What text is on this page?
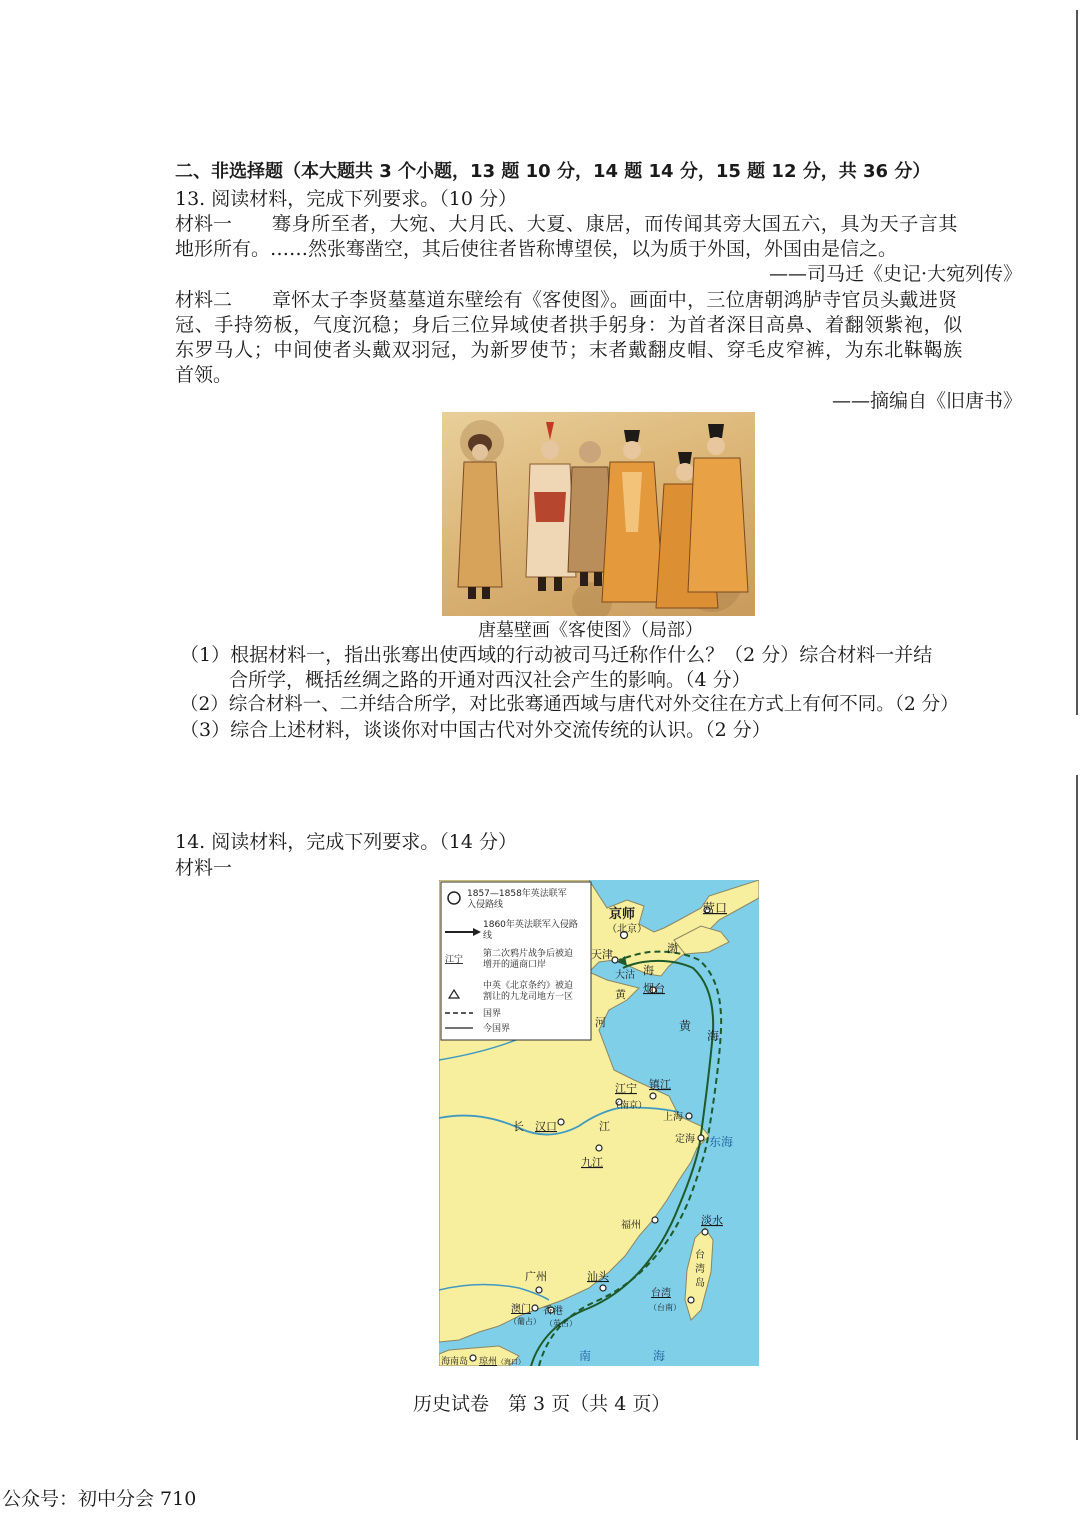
二、非选择题（本大题共 3 个小题，13 题 10 分，14 题 14 分，15 题 12 分，共 36 分）
13. 阅读材料，完成下列要求。（10 分）
材料一 骞身所至者，大宛、大月氏、大夏、康居，而传闻其旁大国五六，具为天子言其
地形所有。……然张骞凿空，其后使往者皆称博望侯，以为质于外国，外国由是信之。
——司马迁《史记·大宛列传》
材料二 章怀太子李贤墓墓道东壁绘有《客使图》。画面中，三位唐朝鸿胪寺官员头戴进贤
冠、手持笏板，气度沉稳；身后三位异域使者拱手躬身：为首者深目高鼻、着翻领紫袍，似
东罗马人；中间使者头戴双羽冠，为新罗使节；末者戴翻皮帽、穿毛皮窄裤，为东北靺鞨族
首领。
——摘编自《旧唐书》
唐墓壁画《客使图》（局部）
（1）根据材料一，指出张骞出使西域的行动被司马迁称作什么？（2 分）综合材料一并结
合所学，概括丝绸之路的开通对西汉社会产生的影响。（4 分）
（2）综合材料一、二并结合所学，对比张骞通西域与唐代对外交往在方式上有何不同。（2 分）
（3）综合上述材料，谈谈你对中国古代对外交流传统的认识。（2 分）
14. 阅读材料，完成下列要求。（14 分）
材料一
1857—1858年英法联军
入侵路线
1860年英法联军入侵路
线
江宁
第二次鸦片战争后被迫
增开的通商口岸
中英《北京条约》被迫
割让的九龙司地方一区
国界
今国界
京师
（北京）
营口
天津	渤
海
大沽
黄
河
烟台
黄
海
江宁
（南京）
镇江
上海
定海 东海
长 汉口	江
九江
福州	淡水
台
湾
岛
台湾
（台南）
汕头
广州
澳门 香港
（英占）
（葡占）
南	海
海南岛 琼州 （海口）
历史试卷　第 3 页（共 4 页）
公众号：初中分会 710
